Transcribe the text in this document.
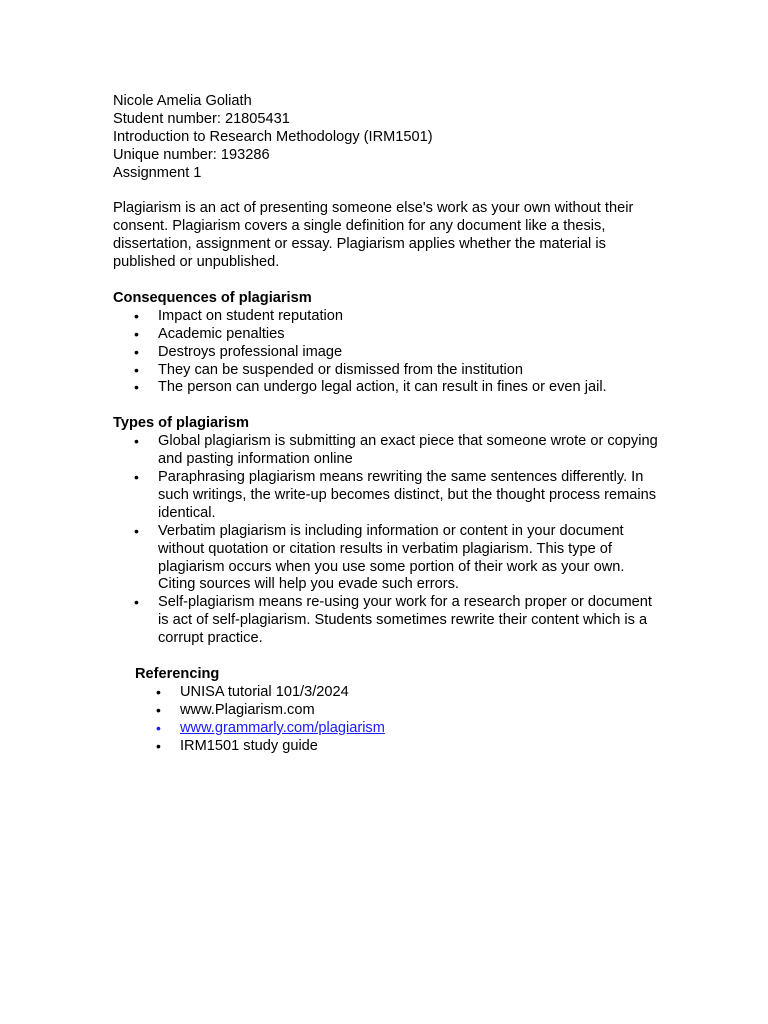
Nicole Amelia Goliath
Student number: 21805431
Introduction to Research Methodology (IRM1501)
Unique number: 193286
Assignment 1

Plagiarism is an act of presenting someone else's work as your own without their consent. Plagiarism covers a single definition for any document like a thesis, dissertation, assignment or essay. Plagiarism applies whether the material is published or unpublished.

Consequences of plagiarism
• Impact on student reputation
• Academic penalties
• Destroys professional image
• They can be suspended or dismissed from the institution
• The person can undergo legal action, it can result in fines or even jail.
Types of plagiarism
• Global plagiarism is submitting an exact piece that someone wrote or copying and pasting information online
• Paraphrasing plagiarism means rewriting the same sentences differently. In such writings, the write-up becomes distinct, but the thought process remains identical.
• Verbatim plagiarism is including information or content in your document without quotation or citation results in verbatim plagiarism. This type of plagiarism occurs when you use some portion of their work as your own. Citing sources will help you evade such errors.
• Self-plagiarism means re-using your work for a research proper or document is act of self-plagiarism. Students sometimes rewrite their content which is a corrupt practice.
Referencing
• UNISA tutorial 101/3/2024
• www.Plagiarism.com
• www.grammarly.com/plagiarism
• IRM1501 study guide
